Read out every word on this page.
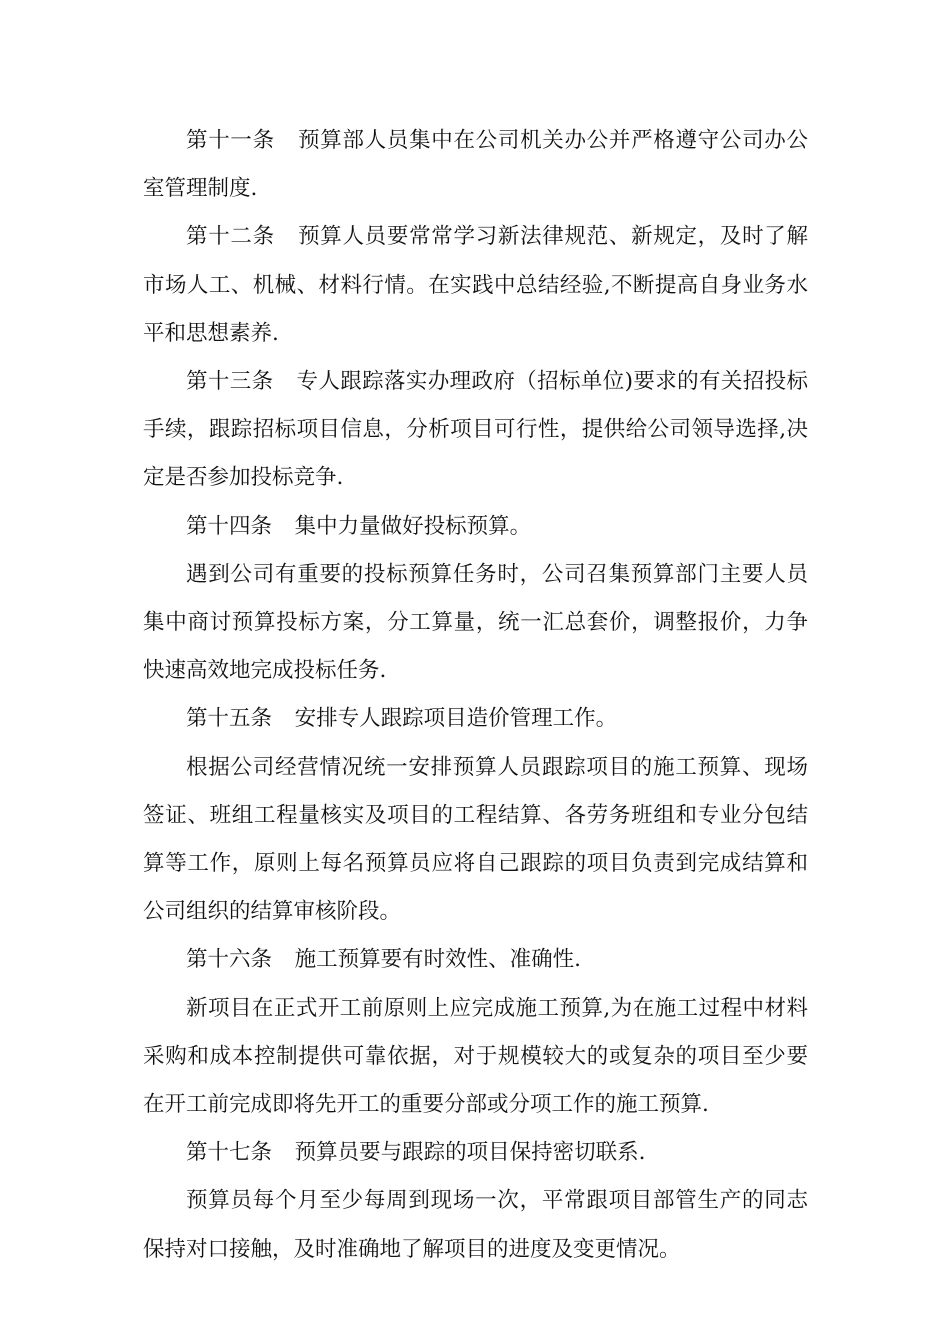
第十一条 预算部人员集中在公司机关办公并严格遵守公司办公室管理制度.

第十二条 预算人员要常常学习新法律规范、新规定，及时了解市场人工、机械、材料行情。在实践中总结经验,不断提高自身业务水平和思想素养.

第十三条 专人跟踪落实办理政府（招标单位)要求的有关招投标手续，跟踪招标项目信息，分析项目可行性，提供给公司领导选择,决定是否参加投标竞争.

第十四条 集中力量做好投标预算。

遇到公司有重要的投标预算任务时，公司召集预算部门主要人员集中商讨预算投标方案，分工算量，统一汇总套价，调整报价，力争快速高效地完成投标任务.

第十五条 安排专人跟踪项目造价管理工作。

根据公司经营情况统一安排预算人员跟踪项目的施工预算、现场签证、班组工程量核实及项目的工程结算、各劳务班组和专业分包结算等工作，原则上每名预算员应将自己跟踪的项目负责到完成结算和公司组织的结算审核阶段。

第十六条 施工预算要有时效性、准确性.

新项目在正式开工前原则上应完成施工预算,为在施工过程中材料采购和成本控制提供可靠依据，对于规模较大的或复杂的项目至少要在开工前完成即将先开工的重要分部或分项工作的施工预算.

第十七条 预算员要与跟踪的项目保持密切联系.

预算员每个月至少每周到现场一次，平常跟项目部管生产的同志保持对口接触，及时准确地了解项目的进度及变更情况。
